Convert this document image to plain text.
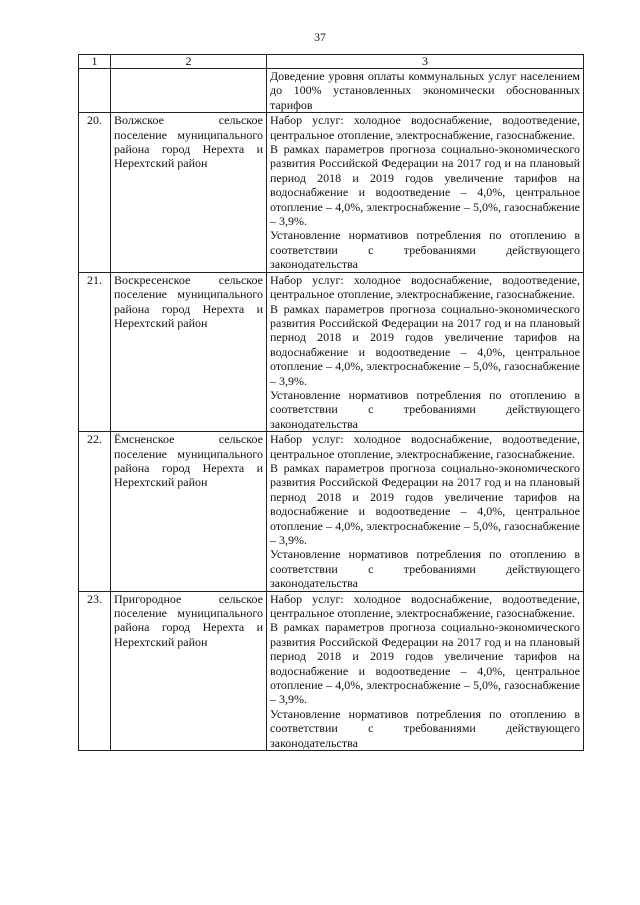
37
1	2	3
		Доведение уровня оплаты коммунальных услуг населением до 100% установленных экономически обоснованных тарифов
20.	Волжское сельское поселение муниципального района город Нерехта и Нерехтский район	Набор услуг: холодное водоснабжение, водоотведение, центральное отопление, электроснабжение, газоснабжение.

В рамках параметров прогноза социально-экономического развития Российской Федерации на 2017 год и на плановый период 2018 и 2019 годов увеличение тарифов на водоснабжение и водоотведение – 4,0%, центральное отопление – 4,0%, электроснабжение – 5,0%, газоснабжение – 3,9%.

Установление нормативов потребления по отоплению в соответствии с требованиями действующего законодательства

21.	Воскресенское сельское поселение муниципального района город Нерехта и Нерехтский район	Набор услуг: холодное водоснабжение, водоотведение, центральное отопление, электроснабжение, газоснабжение.

В рамках параметров прогноза социально-экономического развития Российской Федерации на 2017 год и на плановый период 2018 и 2019 годов увеличение тарифов на водоснабжение и водоотведение – 4,0%, центральное отопление – 4,0%, электроснабжение – 5,0%, газоснабжение – 3,9%.

Установление нормативов потребления по отоплению в соответствии с требованиями действующего законодательства

22.	Ёмсненское сельское поселение муниципального района город Нерехта и Нерехтский район	Набор услуг: холодное водоснабжение, водоотведение, центральное отопление, электроснабжение, газоснабжение.

В рамках параметров прогноза социально-экономического развития Российской Федерации на 2017 год и на плановый период 2018 и 2019 годов увеличение тарифов на водоснабжение и водоотведение – 4,0%, центральное отопление – 4,0%, электроснабжение – 5,0%, газоснабжение – 3,9%.

Установление нормативов потребления по отоплению в соответствии с требованиями действующего законодательства

23.	Пригородное сельское поселение муниципального района город Нерехта и Нерехтский район	Набор услуг: холодное водоснабжение, водоотведение, центральное отопление, электроснабжение, газоснабжение.

В рамках параметров прогноза социально-экономического развития Российской Федерации на 2017 год и на плановый период 2018 и 2019 годов увеличение тарифов на водоснабжение и водоотведение – 4,0%, центральное отопление – 4,0%, электроснабжение – 5,0%, газоснабжение – 3,9%.

Установление нормативов потребления по отоплению в соответствии с требованиями действующего законодательства
